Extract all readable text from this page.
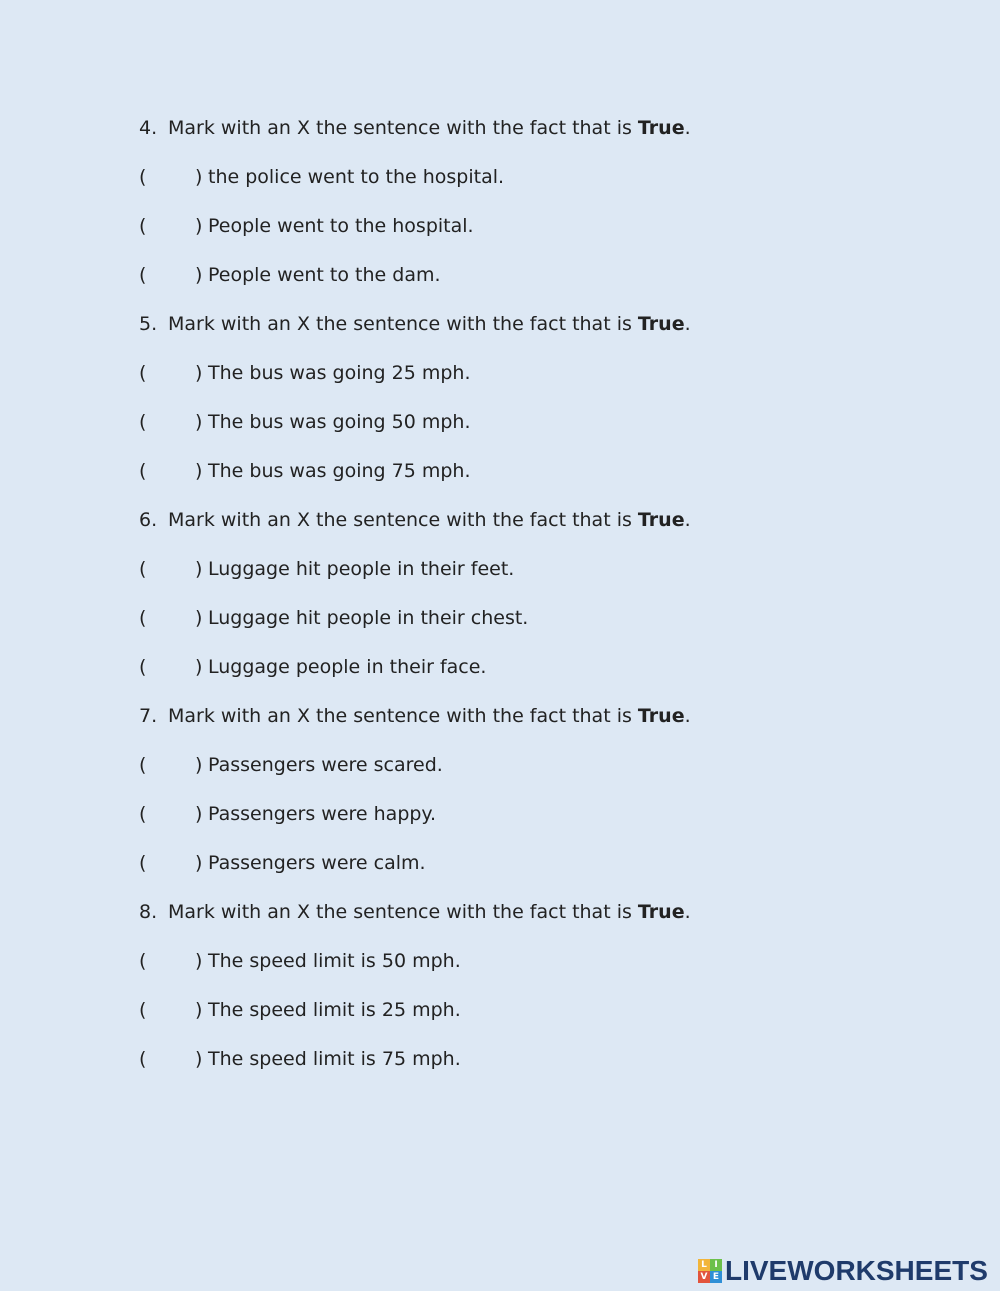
4. Mark with an X the sentence with the fact that is True.
(	) the police went to the hospital.
(	) People went to the hospital.
(	) People went to the dam.
5. Mark with an X the sentence with the fact that is True.
(	) The bus was going 25 mph.
(	) The bus was going 50 mph.
(	) The bus was going 75 mph.
6. Mark with an X the sentence with the fact that is True.
(	) Luggage hit people in their feet.
(	) Luggage hit people in their chest.
(	) Luggage people in their face.
7. Mark with an X the sentence with the fact that is True.
(	) Passengers were scared.
(	) Passengers were happy.
(	) Passengers were calm.
8. Mark with an X the sentence with the fact that is True.
(	) The speed limit is 50 mph.
(	) The speed limit is 25 mph.
(	) The speed limit is 75 mph.
L I
V E LIVEWORKSHEETS
